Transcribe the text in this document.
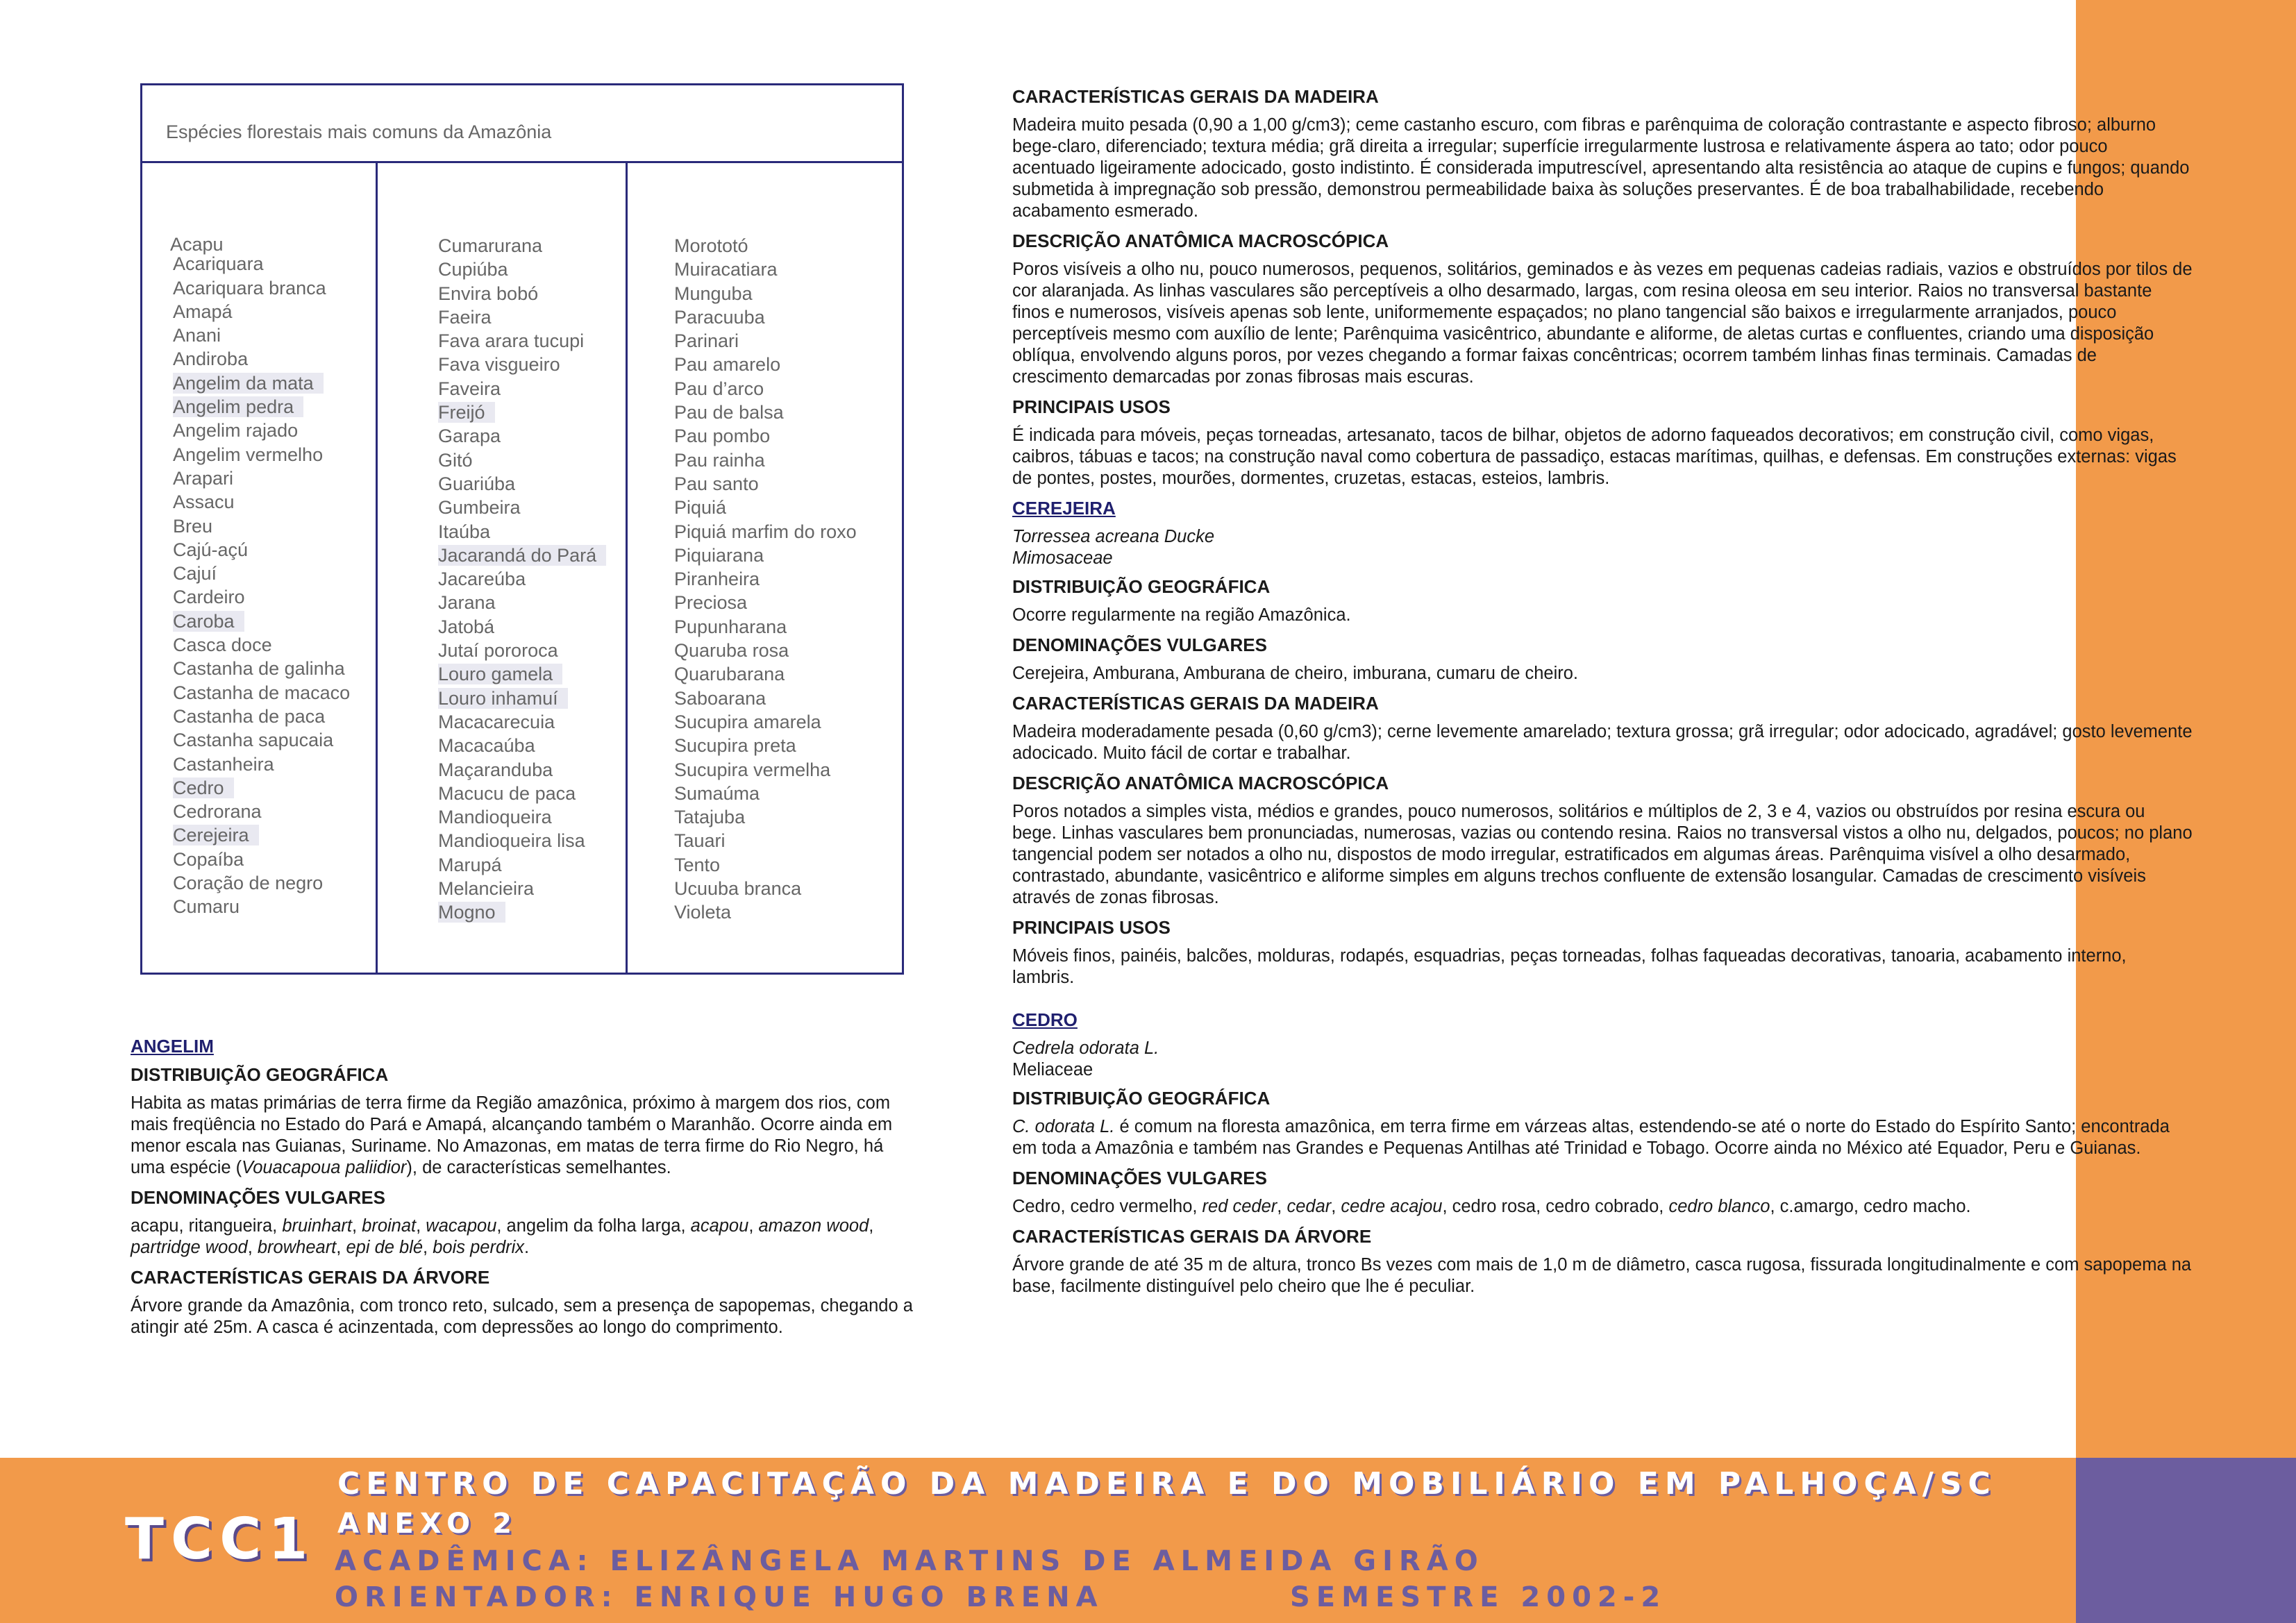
Espécies florestais mais comuns da Amazônia
Acapu
Acariquara
Acariquara branca
Amapá
Anani
Andiroba
Angelim da mata
Angelim pedra
Angelim rajado
Angelim vermelho
Arapari
Assacu
Breu
Cajú-açú
Cajuí
Cardeiro
Caroba
Casca doce
Castanha de galinha
Castanha de macaco
Castanha de paca
Castanha sapucaia
Castanheira
Cedro
Cedrorana
Cerejeira
Copaíba
Coração de negro
Cumaru
Cumarurana
Cupiúba
Envira bobó
Faeira
Fava arara tucupi
Fava visgueiro
Faveira
Freijó
Garapa
Gitó
Guariúba
Gumbeira
Itaúba
Jacarandá do Pará
Jacareúba
Jarana
Jatobá
Jutaí pororoca
Louro gamela
Louro inhamuí
Macacarecuia
Macacaúba
Maçaranduba
Macucu de paca
Mandioqueira
Mandioqueira lisa
Marupá
Melancieira
Mogno
Morototó
Muiracatiara
Munguba
Paracuuba
Parinari
Pau amarelo
Pau d’arco
Pau de balsa
Pau pombo
Pau rainha
Pau santo
Piquiá
Piquiá marfim do roxo
Piquiarana
Piranheira
Preciosa
Pupunharana
Quaruba rosa
Quarubarana
Saboarana
Sucupira amarela
Sucupira preta
Sucupira vermelha
Sumaúma
Tatajuba
Tauari
Tento
Ucuuba branca
Violeta
ANGELIM
DISTRIBUIÇÃO GEOGRÁFICA

Habita as matas primárias de terra firme da Região amazônica, próximo à margem dos rios, com mais freqüência no Estado do Pará e Amapá, alcançando também o Maranhão. Ocorre ainda em menor escala nas Guianas, Suriname. No Amazonas, em matas de terra firme do Rio Negro, há uma espécie (Vouacapoua paliidior), de características semelhantes.

DENOMINAÇÕES VULGARES

acapu, ritangueira, bruinhart, broinat, wacapou, angelim da folha larga, acapou, amazon wood, partridge wood, browheart, epi de blé, bois perdrix.

CARACTERÍSTICAS GERAIS DA ÁRVORE

Árvore grande da Amazônia, com tronco reto, sulcado, sem a presença de sapopemas, chegando a atingir até 25m. A casca é acinzentada, com depressões ao longo do comprimento.

CARACTERÍSTICAS GERAIS DA MADEIRA

Madeira muito pesada (0,90 a 1,00 g/cm3); ceme castanho escuro, com fibras e parênquima de coloração contrastante e aspecto fibroso; alburno bege-claro, diferenciado; textura média; grã direita a irregular; superfície irregularmente lustrosa e relativamente áspera ao tato; odor pouco acentuado ligeiramente adocicado, gosto indistinto. É considerada imputrescível, apresentando alta resistência ao ataque de cupins e fungos; quando submetida à impregnação sob pressão, demonstrou permeabilidade baixa às soluções preservantes. É de boa trabalhabilidade, recebendo acabamento esmerado.

DESCRIÇÃO ANATÔMICA MACROSCÓPICA

Poros visíveis a olho nu, pouco numerosos, pequenos, solitários, geminados e às vezes em pequenas cadeias radiais, vazios e obstruídos por tilos de cor alaranjada. As linhas vasculares são perceptíveis a olho desarmado, largas, com resina oleosa em seu interior. Raios no transversal bastante finos e numerosos, visíveis apenas sob lente, uniformemente espaçados; no plano tangencial são baixos e irregularmente arranjados, pouco perceptíveis mesmo com auxílio de lente; Parênquima vasicêntrico, abundante e aliforme, de aletas curtas e confluentes, criando uma disposição oblíqua, envolvendo alguns poros, por vezes chegando a formar faixas concêntricas; ocorrem também linhas finas terminais. Camadas de crescimento demarcadas por zonas fibrosas mais escuras.

PRINCIPAIS USOS

É indicada para móveis, peças torneadas, artesanato, tacos de bilhar, objetos de adorno faqueados decorativos; em construção civil, como vigas, caibros, tábuas e tacos; na construção naval como cobertura de passadiço, estacas marítimas, quilhas, e defensas. Em construções externas: vigas de pontes, postes, mourões, dormentes, cruzetas, estacas, esteios, lambris.

CEREJEIRA
Torressea acreana Ducke
Mimosaceae
DISTRIBUIÇÃO GEOGRÁFICA

Ocorre regularmente na região Amazônica.

DENOMINAÇÕES VULGARES

Cerejeira, Amburana, Amburana de cheiro, imburana, cumaru de cheiro.

CARACTERÍSTICAS GERAIS DA MADEIRA

Madeira moderadamente pesada (0,60 g/cm3); cerne levemente amarelado; textura grossa; grã irregular; odor adocicado, agradável; gosto levemente adocicado. Muito fácil de cortar e trabalhar.

DESCRIÇÃO ANATÔMICA MACROSCÓPICA

Poros notados a simples vista, médios e grandes, pouco numerosos, solitários e múltiplos de 2, 3 e 4, vazios ou obstruídos por resina escura ou bege. Linhas vasculares bem pronunciadas, numerosas, vazias ou contendo resina. Raios no transversal vistos a olho nu, delgados, poucos; no plano tangencial podem ser notados a olho nu, dispostos de modo irregular, estratificados em algumas áreas. Parênquima visível a olho desarmado, contrastado, abundante, vasicêntrico e aliforme simples em alguns trechos confluente de extensão losangular. Camadas de crescimento visíveis através de zonas fibrosas.

PRINCIPAIS USOS

Móveis finos, painéis, balcões, molduras, rodapés, esquadrias, peças torneadas, folhas faqueadas decorativas, tanoaria, acabamento interno, lambris.

CEDRO
Cedrela odorata L.
Meliaceae
DISTRIBUIÇÃO GEOGRÁFICA

C. odorata L. é comum na floresta amazônica, em terra firme em várzeas altas, estendendo-se até o norte do Estado do Espírito Santo; encontrada em toda a Amazônia e também nas Grandes e Pequenas Antilhas até Trinidad e Tobago. Ocorre ainda no México até Equador, Peru e Guianas.

DENOMINAÇÕES VULGARES

Cedro, cedro vermelho, red ceder, cedar, cedre acajou, cedro rosa, cedro cobrado, cedro blanco, c.amargo, cedro macho.

CARACTERÍSTICAS GERAIS DA ÁRVORE

Árvore grande de até 35 m de altura, tronco Bs vezes com mais de 1,0 m de diâmetro, casca rugosa, fissurada longitudinalmente e com sapopema na base, facilmente distinguível pelo cheiro que lhe é peculiar.

TCC1
CENTRO DE CAPACITAÇÃO DA MADEIRA E DO MOBILIÁRIO EM PALHOÇA/SC
ANEXO 2
ACADÊMICA: ELIZÂNGELA MARTINS DE ALMEIDA GIRÃO
ORIENTADOR: ENRIQUE HUGO BRENA	SEMESTRE 2002-2
